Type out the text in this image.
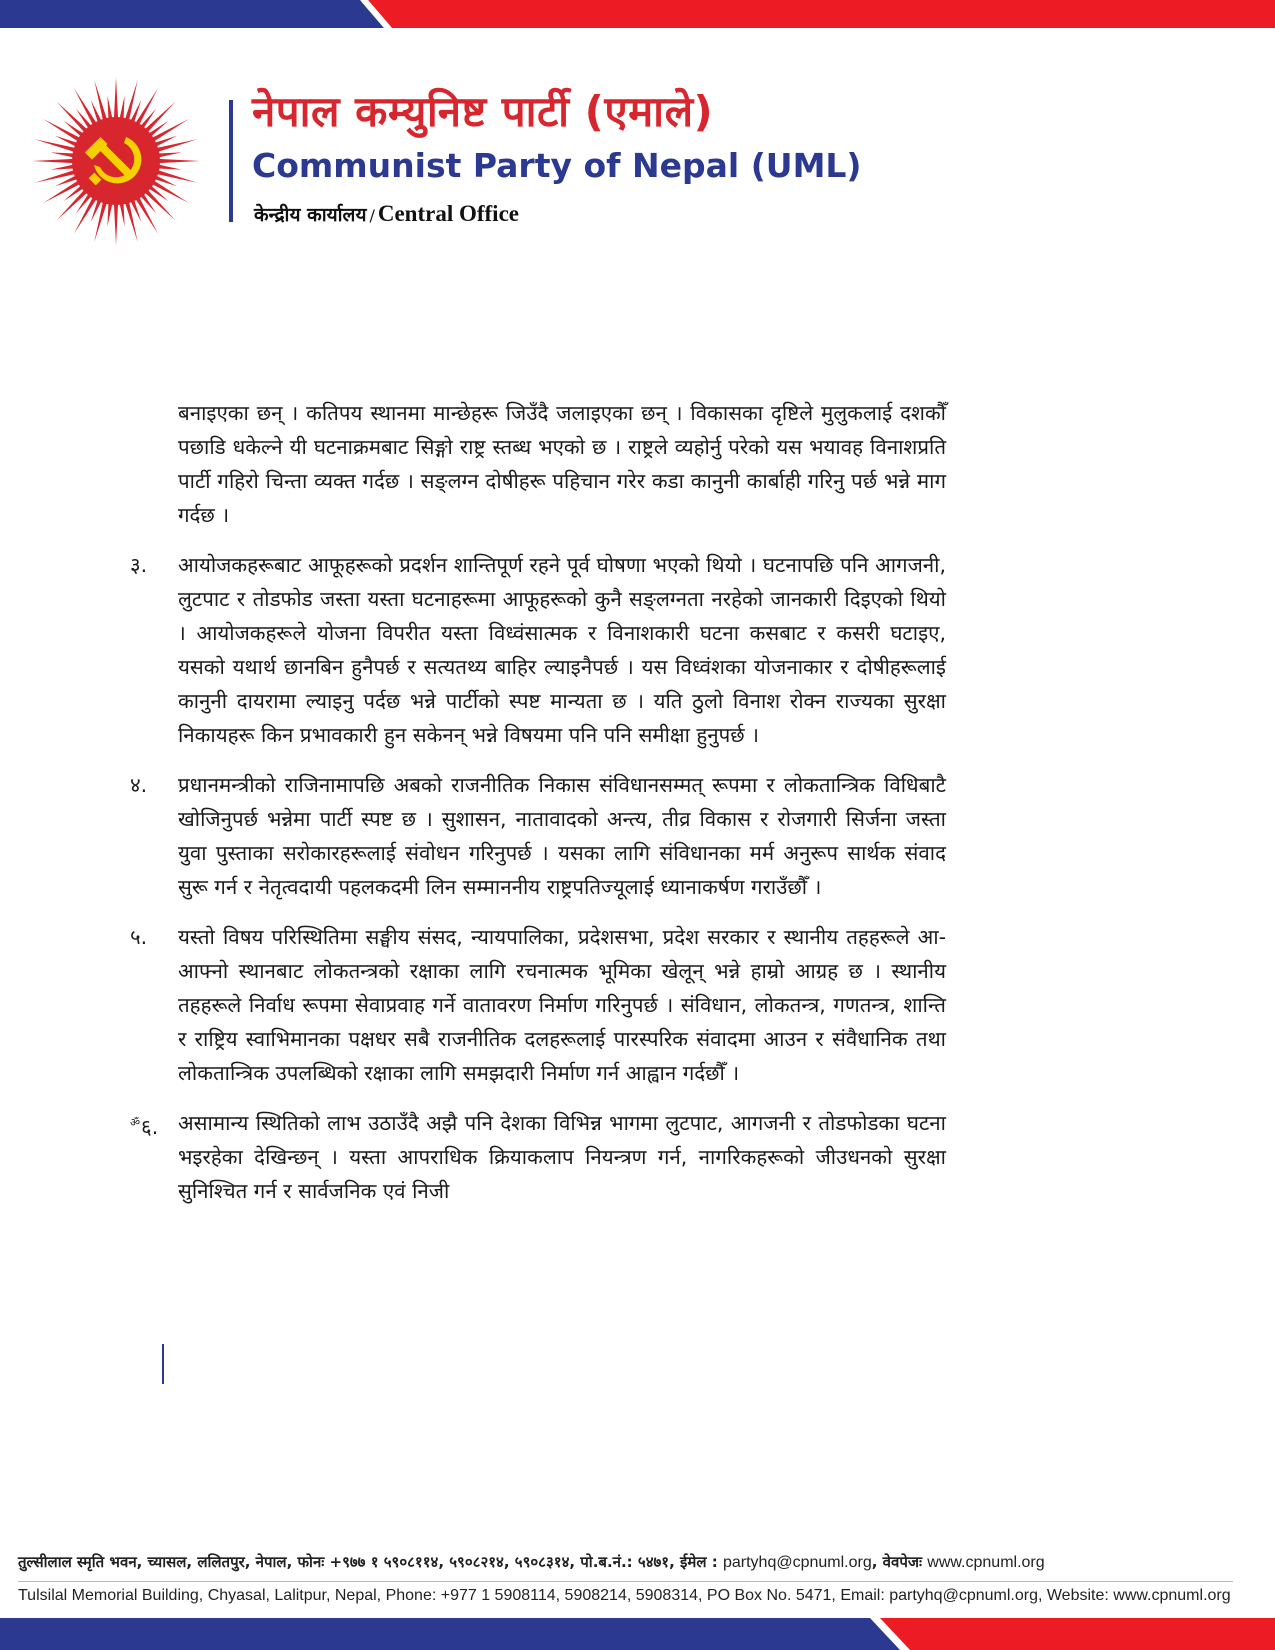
नेपाल कम्युनिष्ट पार्टी (एमाले)
Communist Party of Nepal (UML)
केन्द्रीय कार्यालय / Central Office
बनाइएका छन् । कतिपय स्थानमा मान्छेहरू जिउँदै जलाइएका छन् । विकासका दृष्टिले मुलुकलाई दशकौँ पछाडि धकेल्ने यी घटनाक्रमबाट सिङ्गो राष्ट्र स्तब्ध भएको छ । राष्ट्रले व्यहोर्नु परेको यस भयावह विनाशप्रति पार्टी गहिरो चिन्ता व्यक्त गर्दछ । सङ्लग्न दोषीहरू पहिचान गरेर कडा कानुनी कार्बाही गरिनु पर्छ भन्ने माग गर्दछ ।
३.	आयोजकहरूबाट आफूहरूको प्रदर्शन शान्तिपूर्ण रहने पूर्व घोषणा भएको थियो । घटनापछि पनि आगजनी, लुटपाट र तोडफोड जस्ता यस्ता घटनाहरूमा आफूहरूको कुनै सङ्लग्नता नरहेको जानकारी दिइएको थियो । आयोजकहरूले योजना विपरीत यस्ता विध्वंसात्मक र विनाशकारी घटना कसबाट र कसरी घटाइए, यसको यथार्थ छानबिन हुनैपर्छ र सत्यतथ्य बाहिर ल्याइनैपर्छ । यस विध्वंशका योजनाकार र दोषीहरूलाई कानुनी दायरामा ल्याइनु पर्दछ भन्ने पार्टीको स्पष्ट मान्यता छ । यति ठुलो विनाश रोक्न राज्यका सुरक्षा निकायहरू किन प्रभावकारी हुन सकेनन् भन्ने विषयमा पनि पनि समीक्षा हुनुपर्छ ।
४.	प्रधानमन्त्रीको राजिनामापछि अबको राजनीतिक निकास संविधानसम्मत् रूपमा र लोकतान्त्रिक विधिबाटै खोजिनुपर्छ भन्नेमा पार्टी स्पष्ट छ । सुशासन, नातावादको अन्त्य, तीव्र विकास र रोजगारी सिर्जना जस्ता युवा पुस्ताका सरोकारहरूलाई संवोधन गरिनुपर्छ । यसका लागि संविधानका मर्म अनुरूप सार्थक संवाद सुरू गर्न र नेतृत्वदायी पहलकदमी लिन सम्माननीय राष्ट्रपतिज्यूलाई ध्यानाकर्षण गराउँछौँ ।
५.	यस्तो विषय परिस्थितिमा सङ्घीय संसद, न्यायपालिका, प्रदेशसभा, प्रदेश सरकार र स्थानीय तहहरूले आ-आफ्नो स्थानबाट लोकतन्त्रको रक्षाका लागि रचनात्मक भूमिका खेलून् भन्ने हाम्रो आग्रह छ । स्थानीय तहहरूले निर्वाध रूपमा सेवाप्रवाह गर्ने वातावरण निर्माण गरिनुपर्छ । संविधान, लोकतन्त्र, गणतन्त्र, शान्ति र राष्ट्रिय स्वाभिमानका पक्षधर सबै राजनीतिक दलहरूलाई पारस्परिक संवादमा आउन र संवैधानिक तथा लोकतान्त्रिक उपलब्धिको रक्षाका लागि समझदारी निर्माण गर्न आह्वान गर्दछौँ ।
$^ॐ$६. असामान्य स्थितिको लाभ उठाउँदै अझै पनि देशका विभिन्न भागमा लुटपाट, आगजनी र तोडफोडका घटना भइरहेका देखिन्छन् । यस्ता आपराधिक क्रियाकलाप नियन्त्रण गर्न, नागरिकहरूको जीउधनको सुरक्षा सुनिश्चित गर्न र सार्वजनिक एवं निजी
तुल्सीलाल स्मृति भवन, च्यासल, ललितपुर, नेपाल, फोनः +९७७ १ ५९०८११४, ५९०८२१४, ५९०८३१४, पो.ब.नं.: ५४७१, ईमेल : partyhq@cpnuml.org, वेवपेजः www.cpnuml.org
Tulsilal Memorial Building, Chyasal, Lalitpur, Nepal, Phone: +977 1 5908114, 5908214, 5908314, PO Box No. 5471, Email: partyhq@cpnuml.org, Website: www.cpnuml.org
